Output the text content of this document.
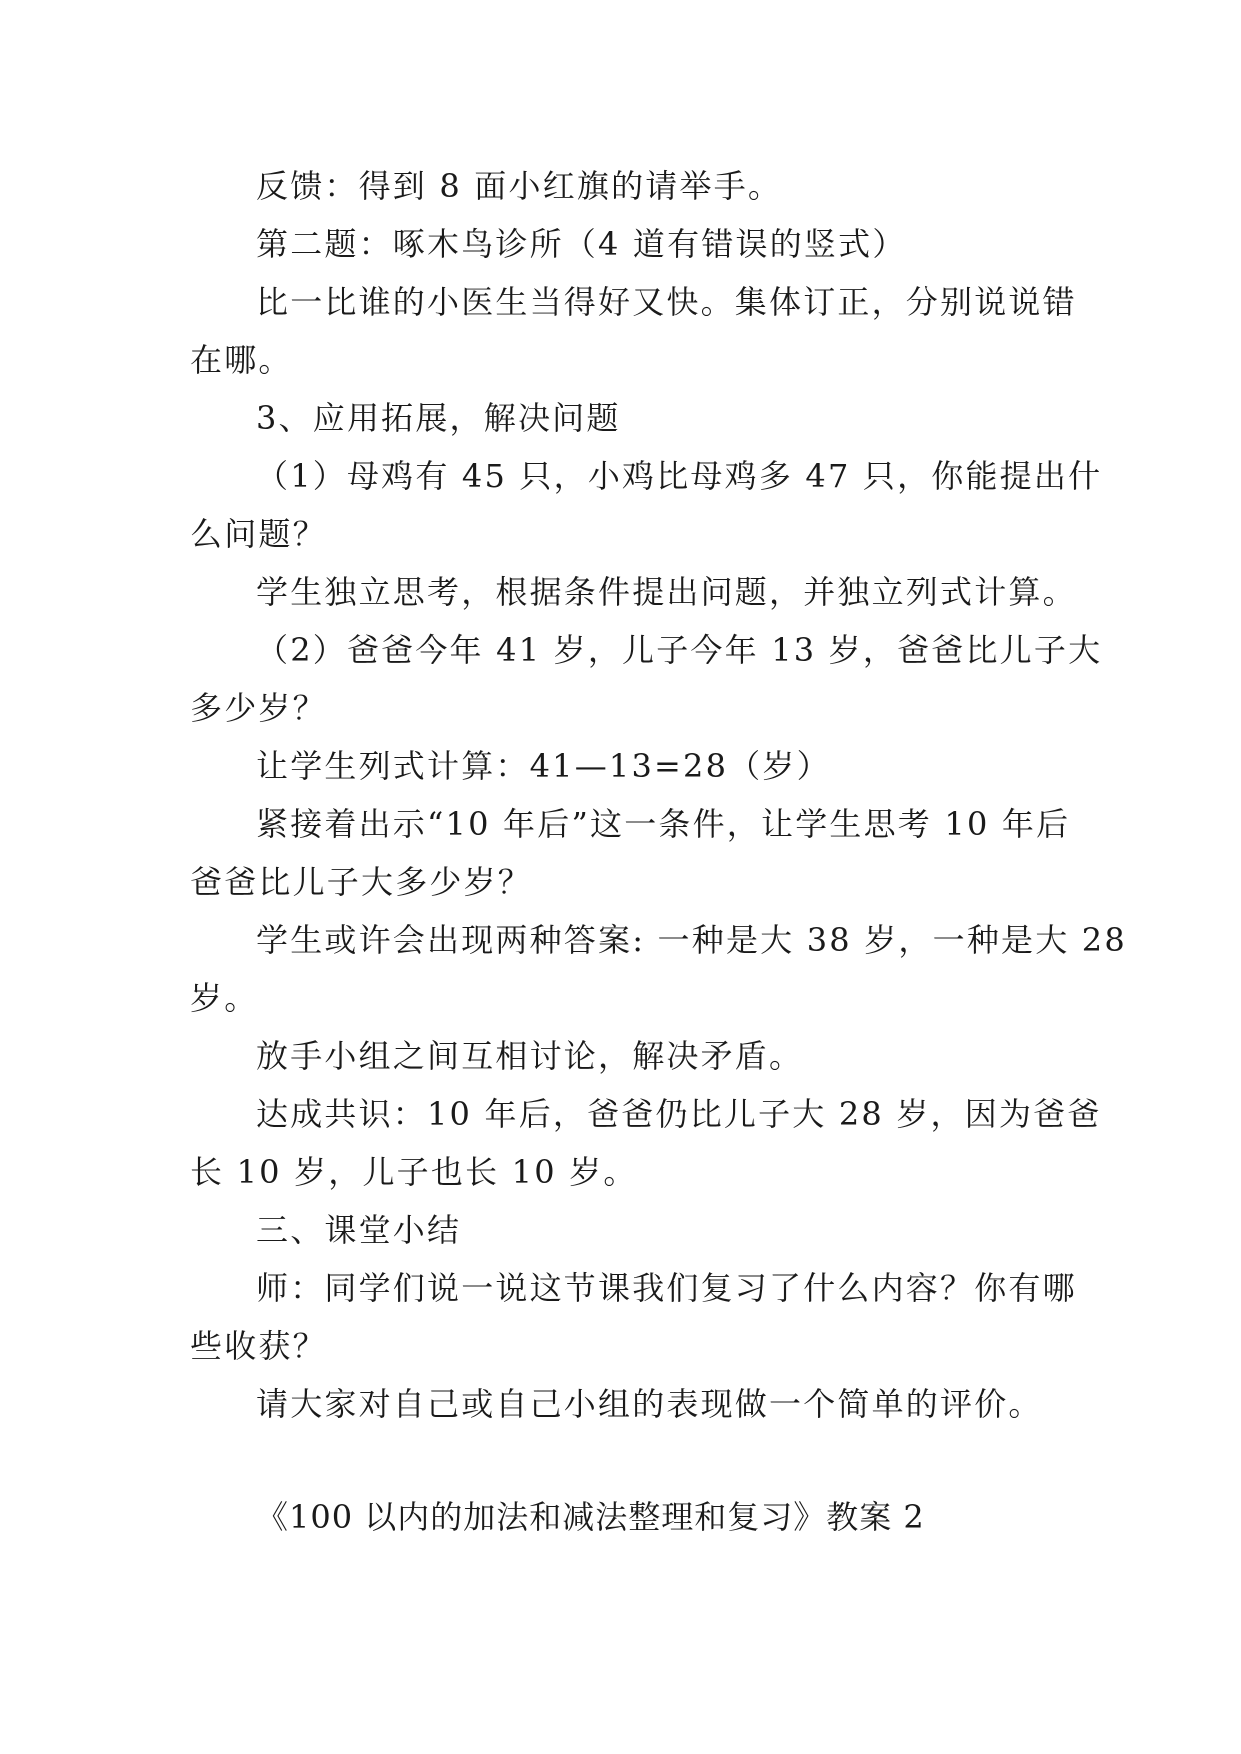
反馈：得到 8 面小红旗的请举手。
第二题：啄木鸟诊所（4 道有错误的竖式）
比一比谁的小医生当得好又快。集体订正，分别说说错
在哪。
3、应用拓展，解决问题
（1）母鸡有 45 只，小鸡比母鸡多 47 只，你能提出什
么问题？
学生独立思考，根据条件提出问题，并独立列式计算。
（2）爸爸今年 41 岁，儿子今年 13 岁，爸爸比儿子大
多少岁？
让学生列式计算：41—13=28（岁）
紧接着出示“10 年后”这一条件，让学生思考 10 年后
爸爸比儿子大多少岁？
学生或许会出现两种答案: 一种是大 38 岁，一种是大 28
岁。
放手小组之间互相讨论，解决矛盾。
达成共识：10 年后，爸爸仍比儿子大 28 岁，因为爸爸
长 10 岁，儿子也长 10 岁。
三、课堂小结
师：同学们说一说这节课我们复习了什么内容？你有哪
些收获？
请大家对自己或自己小组的表现做一个简单的评价。
《100 以内的加法和减法整理和复习》教案 2
